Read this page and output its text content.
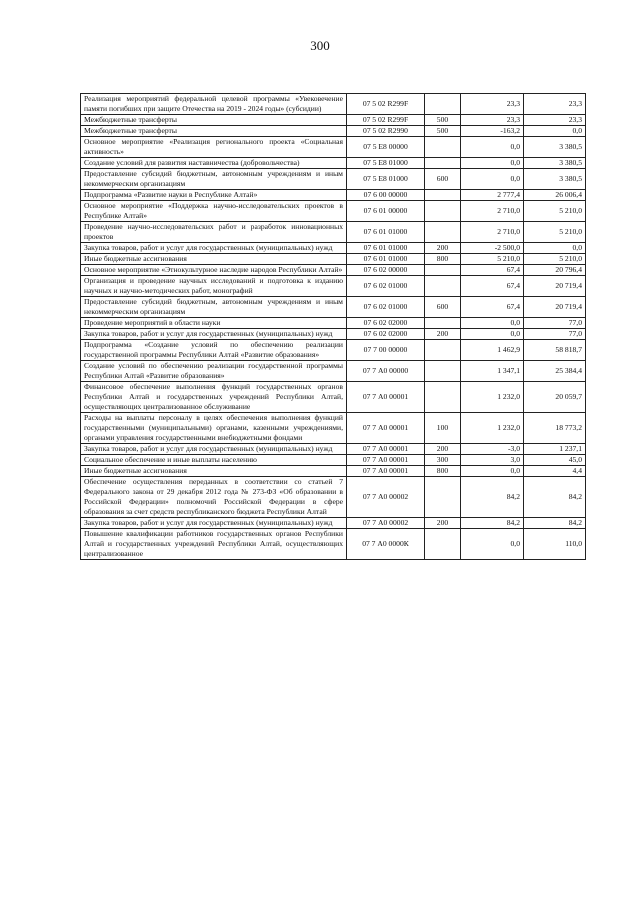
300
Реализация мероприятий федеральной целевой программы «Увековечение памяти погибших при защите Отечества на 2019 - 2024 годы» (субсидии)	07 5 02 R299F		23,3	23,3
Межбюджетные трансферты	07 5 02 R299F	500	23,3	23,3
Межбюджетные трансферты	07 5 02 R2990	500	-163,2	0,0
Основное мероприятие «Реализация регионального проекта «Социальная активность»	07 5 E8 00000		0,0	3 380,5
Создание условий для развития наставничества (добровольчества)	07 5 E8 01000		0,0	3 380,5
Предоставление субсидий бюджетным, автономным учреждениям и иным некоммерческим организациям	07 5 E8 01000	600	0,0	3 380,5
Подпрограмма «Развитие науки в Республике Алтай»	07 6 00 00000		2 777,4	26 006,4
Основное мероприятие «Поддержка научно-исследовательских проектов в Республике Алтай»	07 6 01 00000		2 710,0	5 210,0
Проведение научно-исследовательских работ и разработок инновационных проектов	07 6 01 01000		2 710,0	5 210,0
Закупка товаров, работ и услуг для государственных (муниципальных) нужд	07 6 01 01000	200	-2 500,0	0,0
Иные бюджетные ассигнования	07 6 01 01000	800	5 210,0	5 210,0
Основное мероприятие «Этнокультурное наследие народов Республики Алтай»	07 6 02 00000		67,4	20 796,4
Организация и проведение научных исследований и подготовка к изданию научных и научно-методических работ, монографий	07 6 02 01000		67,4	20 719,4
Предоставление субсидий бюджетным, автономным учреждениям и иным некоммерческим организациям	07 6 02 01000	600	67,4	20 719,4
Проведение мероприятий в области науки	07 6 02 02000		0,0	77,0
Закупка товаров, работ и услуг для государственных (муниципальных) нужд	07 6 02 02000	200	0,0	77,0
Подпрограмма «Создание условий по обеспечению реализации государственной программы Республики Алтай «Развитие образования»	07 7 00 00000		1 462,9	58 818,7
Создание условий по обеспечению реализации государственной программы Республики Алтай «Развитие образования»	07 7 А0 00000		1 347,1	25 384,4
Финансовое обеспечение выполнения функций государственных органов Республики Алтай и государственных учреждений Республики Алтай, осуществляющих централизованное обслуживание	07 7 А0 00001		1 232,0	20 059,7
Расходы на выплаты персоналу в целях обеспечения выполнения функций государственными (муниципальными) органами, казенными учреждениями, органами управления государственными внебюджетными фондами	07 7 А0 00001	100	1 232,0	18 773,2
Закупка товаров, работ и услуг для государственных (муниципальных) нужд	07 7 А0 00001	200	-3,0	1 237,1
Социальное обеспечение и иные выплаты населению	07 7 А0 00001	300	3,0	45,0
Иные бюджетные ассигнования	07 7 А0 00001	800	0,0	4,4
Обеспечение осуществления переданных в соответствии со статьей 7 Федерального закона от 29 декабря 2012 года № 273-ФЗ «Об образовании в Российской Федерации» полномочий Российской Федерации в сфере образования за счет средств республиканского бюджета Республики Алтай	07 7 А0 00002		84,2	84,2
Закупка товаров, работ и услуг для государственных (муниципальных) нужд	07 7 А0 00002	200	84,2	84,2
Повышение квалификации работников государственных органов Республики Алтай и государственных учреждений Республики Алтай, осуществляющих централизованное	07 7 А0 0000К		0,0	110,0
